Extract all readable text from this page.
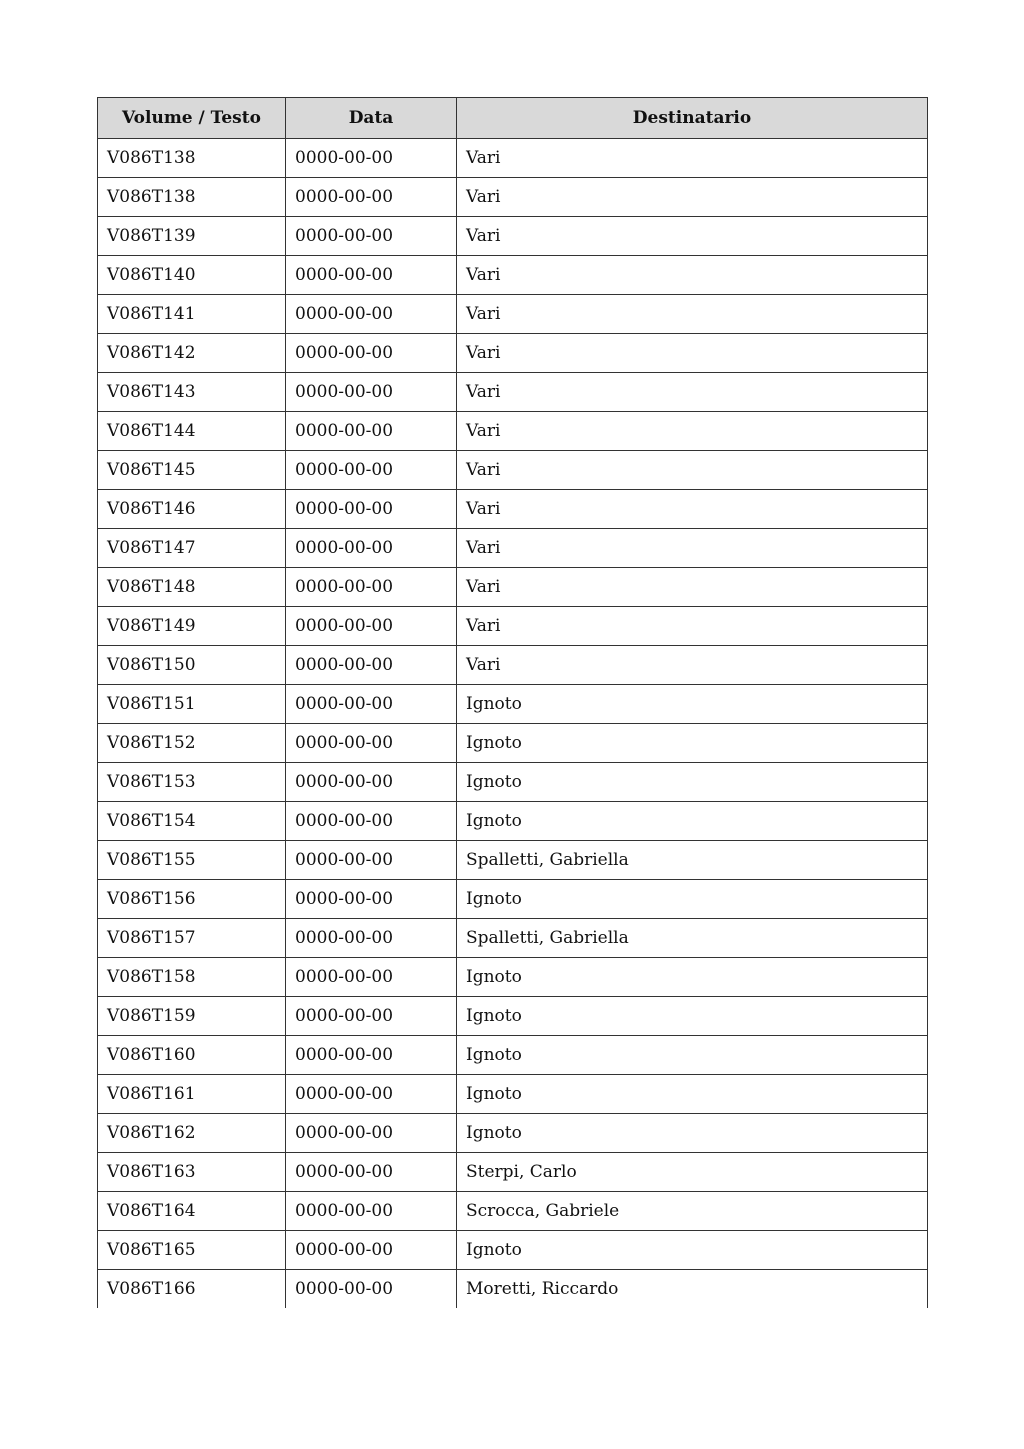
Volume / Testo	Data	Destinatario
V086T138	0000-00-00	Vari
V086T138	0000-00-00	Vari
V086T139	0000-00-00	Vari
V086T140	0000-00-00	Vari
V086T141	0000-00-00	Vari
V086T142	0000-00-00	Vari
V086T143	0000-00-00	Vari
V086T144	0000-00-00	Vari
V086T145	0000-00-00	Vari
V086T146	0000-00-00	Vari
V086T147	0000-00-00	Vari
V086T148	0000-00-00	Vari
V086T149	0000-00-00	Vari
V086T150	0000-00-00	Vari
V086T151	0000-00-00	Ignoto
V086T152	0000-00-00	Ignoto
V086T153	0000-00-00	Ignoto
V086T154	0000-00-00	Ignoto
V086T155	0000-00-00	Spalletti, Gabriella
V086T156	0000-00-00	Ignoto
V086T157	0000-00-00	Spalletti, Gabriella
V086T158	0000-00-00	Ignoto
V086T159	0000-00-00	Ignoto
V086T160	0000-00-00	Ignoto
V086T161	0000-00-00	Ignoto
V086T162	0000-00-00	Ignoto
V086T163	0000-00-00	Sterpi, Carlo
V086T164	0000-00-00	Scrocca, Gabriele
V086T165	0000-00-00	Ignoto
V086T166	0000-00-00	Moretti, Riccardo
